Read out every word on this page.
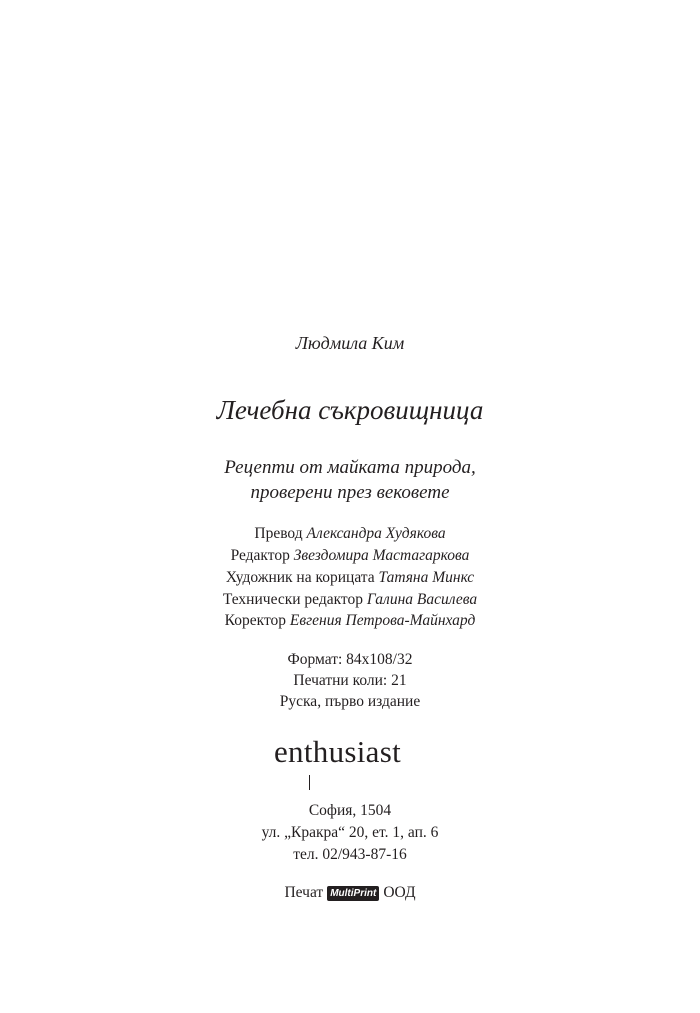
Людмила Ким
Лечебна съкровищница
Рецепти от майката природа,
проверени през вековете
Превод Александра Худякова
Редактор Звездомира Мастагаркова
Художник на корицата Татяна Минкс
Технически редактор Галина Василева
Коректор Евгения Петрова-Майнхард
Формат: 84х108/32
Печатни коли: 21
Руска, първо издание
enthusiast
София, 1504
ул. „Кракра“ 20, ет. 1, ап. 6
тел. 02/943-87-16
Печат MultiPrint ООД
